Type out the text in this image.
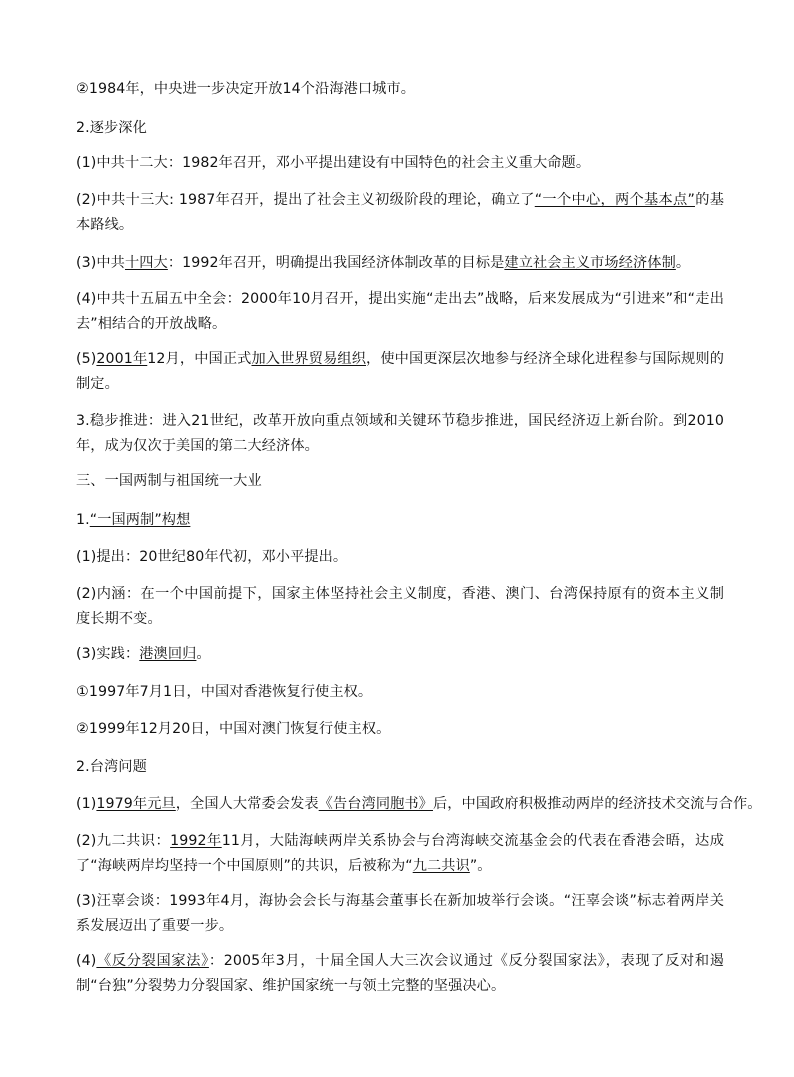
②1984年，中央进一步决定开放14个沿海港口城市。
2.逐步深化
(1)中共十二大：1982年召开，邓小平提出建设有中国特色的社会主义重大命题。
(2)中共十三大: 1987年召开，提出了社会主义初级阶段的理论，确立了“一个中心，两个基本点”的基本路线。
(3)中共十四大：1992年召开，明确提出我国经济体制改革的目标是建立社会主义市场经济体制。
(4)中共十五届五中全会：2000年10月召开，提出实施“走出去”战略，后来发展成为“引进来”和“走出去”相结合的开放战略。
(5)2001年12月，中国正式加入世界贸易组织，使中国更深层次地参与经济全球化进程参与国际规则的制定。
3.稳步推进：进入21世纪，改革开放向重点领域和关键环节稳步推进，国民经济迈上新台阶。到2010年，成为仅次于美国的第二大经济体。
三、一国两制与祖国统一大业
1.“一国两制”构想
(1)提出：20世纪80年代初，邓小平提出。
(2)内涵：在一个中国前提下，国家主体坚持社会主义制度，香港、澳门、台湾保持原有的资本主义制度长期不变。
(3)实践：港澳回归。
①1997年7月1日，中国对香港恢复行使主权。
②1999年12月20日，中国对澳门恢复行使主权。
2.台湾问题
(1)1979年元旦，全国人大常委会发表《告台湾同胞书》后，中国政府积极推动两岸的经济技术交流与合作。
(2)九二共识：1992年11月，大陆海峡两岸关系协会与台湾海峡交流基金会的代表在香港会晤，达成了“海峡两岸均坚持一个中国原则”的共识，后被称为“九二共识”。
(3)汪辜会谈：1993年4月，海协会会长与海基会董事长在新加坡举行会谈。“汪辜会谈”标志着两岸关系发展迈出了重要一步。
(4)《反分裂国家法》：2005年3月，十届全国人大三次会议通过《反分裂国家法》，表现了反对和遏制“台独”分裂势力分裂国家、维护国家统一与领土完整的坚强决心。
